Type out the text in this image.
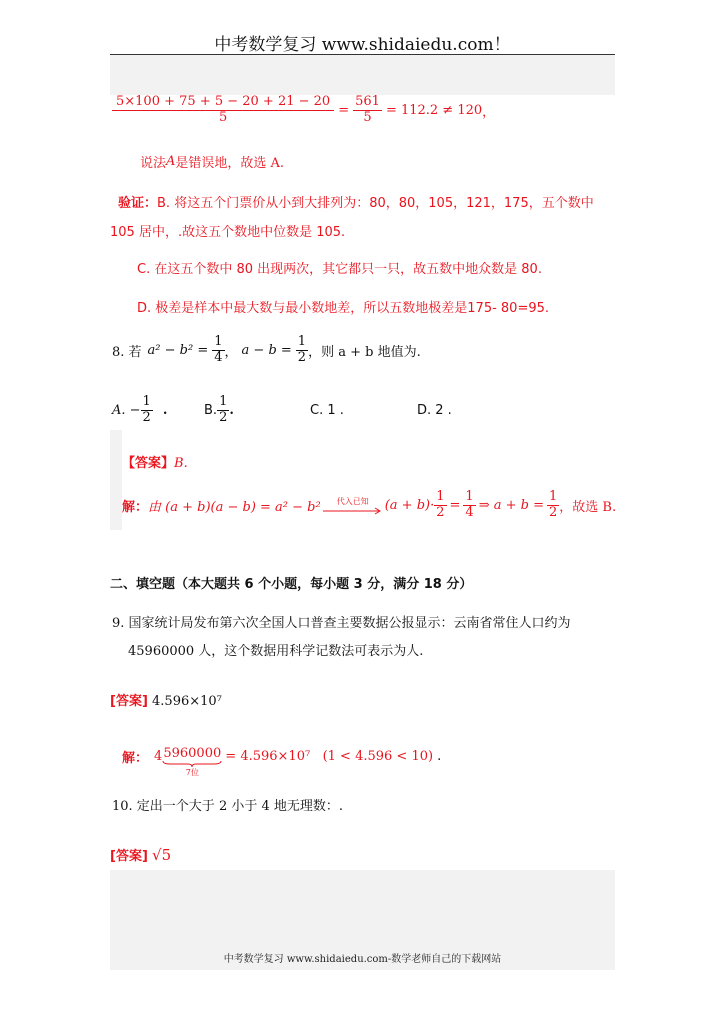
中考数学复习 www.shidaiedu.com！
$\frac{5\times 100 + 75 + 5 - 20 + 21 - 20}{5} = \frac{561}{5} = 112.2 \ne 120$ ，
说法 A 是错误地，故选 A.
验证：B. 将这五个门票价从小到大排列为：80，80，105，121，175，五个数中
105 居中，.故这五个数地中位数是 105.
C. 在这五个数中 80 出现两次，其它都只一只，故五数中地众数是 80.
D. 极差是样本中最大数与最小数地差，所以五数地极差是175- 80=95.
8. 若 $a^2 - b^2 = \frac{1}{4}$ ， $a - b = \frac{1}{2}$ ，则 a + b 地值为.
A. − $\frac{1}{2}$ .	B. $\frac{1}{2}$ .	C. 1 .	D. 2 .
【答案】B.
解： 由 (a + b)(a − b) = a² − b² 代入已知 $(a + b)\cdot \frac{1}{2} = \frac{1}{4}$ ⇒ $a + b = \frac{1}{2}$ ，故选 B.
二、填空题（本大题共 6 个小题，每小题 3 分，满分 18 分）
9. 国家统计局发布第六次全国人口普查主要数据公报显示：云南省常住人口约为
45960000 人，这个数据用科学记数法可表示为人.
[答案] 4.596×10⁷
解： 4 5960000
7位
= 4.596×10⁷   (1 < 4.596 < 10) .
10. 定出一个大于 2 小于 4 地无理数：.
[答案] √5
中考数学复习 www.shidaiedu.com-数学老师自己的下载网站
